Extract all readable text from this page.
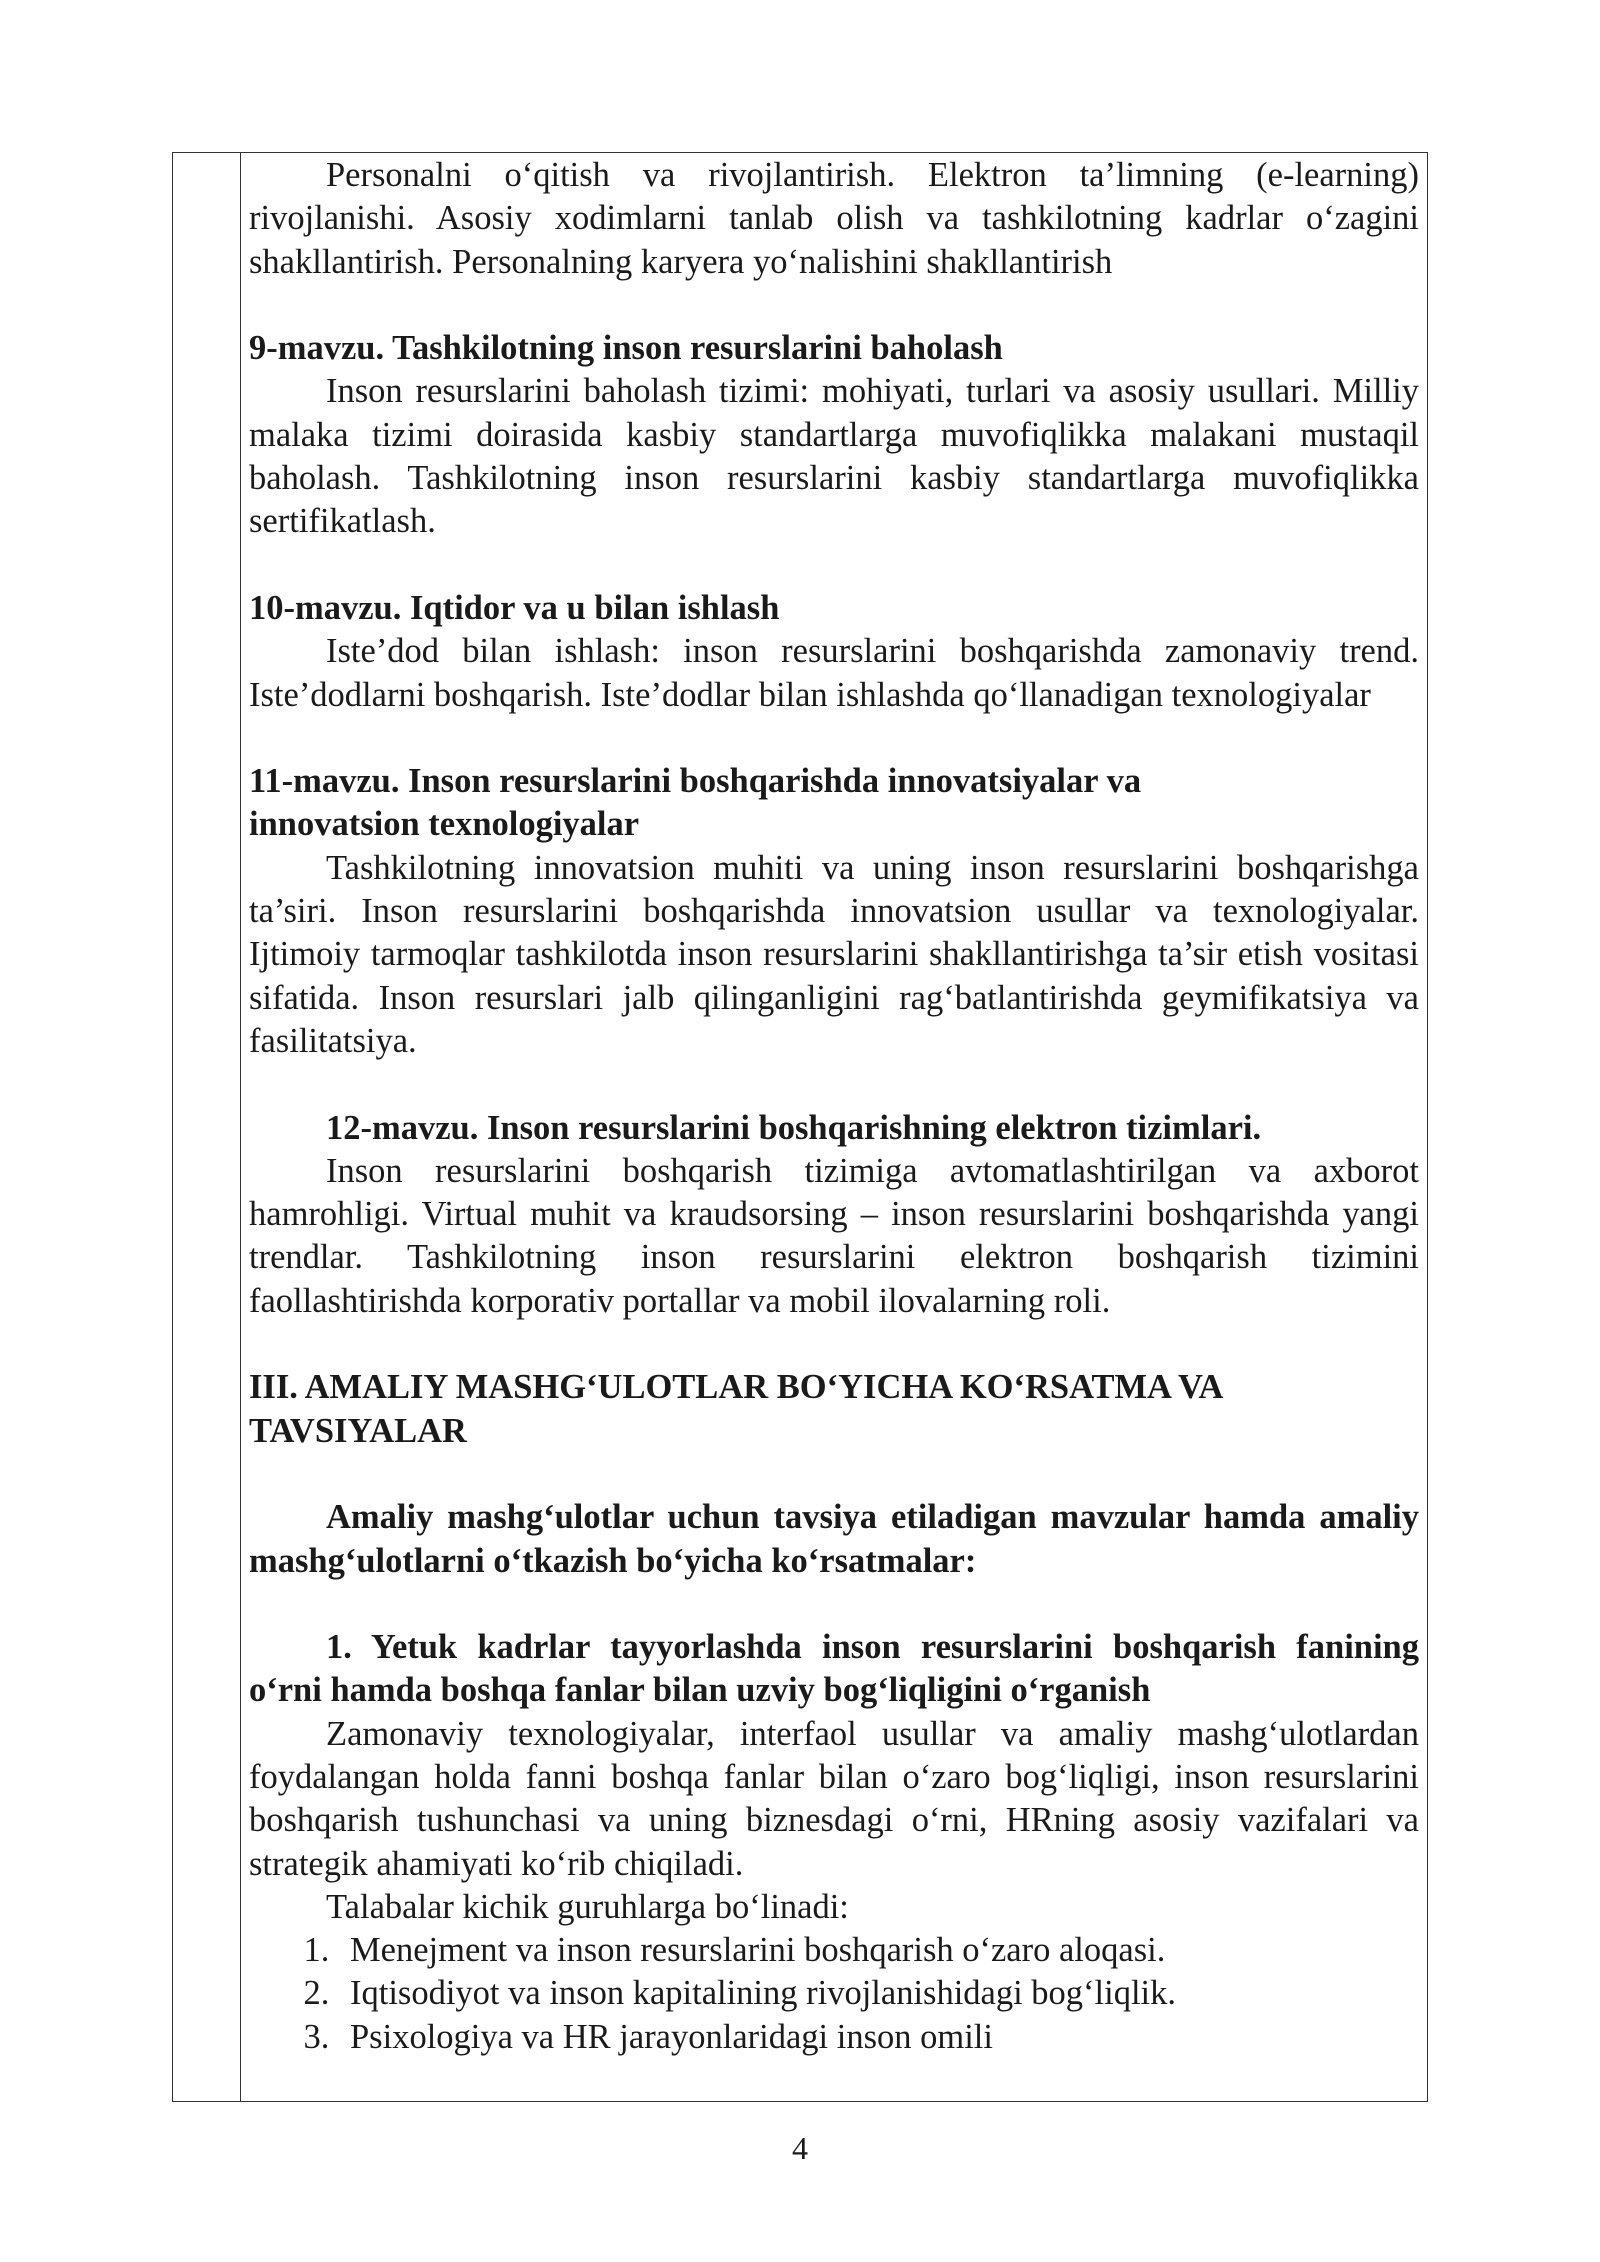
Personalni o‘qitish va rivojlantirish. Elektron ta’limning (e-learning) rivojlanishi. Asosiy xodimlarni tanlab olish va tashkilotning kadrlar o‘zagini shakllantirish. Personalning karyera yo‘nalishini shakllantirish

9-mavzu. Tashkilotning inson resurslarini baholash

Inson resurslarini baholash tizimi: mohiyati, turlari va asosiy usullari. Milliy malaka tizimi doirasida kasbiy standartlarga muvofiqlikka malakani mustaqil baholash. Tashkilotning inson resurslarini kasbiy standartlarga muvofiqlikka sertifikatlash.

10-mavzu. Iqtidor va u bilan ishlash

Iste’dod bilan ishlash: inson resurslarini boshqarishda zamonaviy trend. Iste’dodlarni boshqarish. Iste’dodlar bilan ishlashda qo‘llanadigan texnologiyalar

11-mavzu. Inson resurslarini boshqarishda innovatsiyalar va

innovatsion texnologiyalar

Tashkilotning innovatsion muhiti va uning inson resurslarini boshqarishga ta’siri. Inson resurslarini boshqarishda innovatsion usullar va texnologiyalar. Ijtimoiy tarmoqlar tashkilotda inson resurslarini shakllantirishga ta’sir etish vositasi sifatida. Inson resurslari jalb qilinganligini rag‘batlantirishda geymifikatsiya va fasilitatsiya.

12-mavzu. Inson resurslarini boshqarishning elektron tizimlari.

Inson resurslarini boshqarish tizimiga avtomatlashtirilgan va axborot hamrohligi. Virtual muhit va kraudsorsing – inson resurslarini boshqarishda yangi trendlar. Tashkilotning inson resurslarini elektron boshqarish tizimini faollashtirishda korporativ portallar va mobil ilovalarning roli.

III. AMALIY MASHG‘ULOTLAR BO‘YICHA KO‘RSATMA VA

TAVSIYALAR

Amaliy mashg‘ulotlar uchun tavsiya etiladigan mavzular hamda amaliy mashg‘ulotlarni o‘tkazish bo‘yicha ko‘rsatmalar:

1. Yetuk kadrlar tayyorlashda inson resurslarini boshqarish fanining o‘rni hamda boshqa fanlar bilan uzviy bog‘liqligini o‘rganish

Zamonaviy texnologiyalar, interfaol usullar va amaliy mashg‘ulotlardan foydalangan holda fanni boshqa fanlar bilan o‘zaro bog‘liqligi, inson resurslarini boshqarish tushunchasi va uning biznesdagi o‘rni, HRning asosiy vazifalari va strategik ahamiyati ko‘rib chiqiladi.

Talabalar kichik guruhlarga bo‘linadi:

1. Menejment va inson resurslarini boshqarish o‘zaro aloqasi.
2. Iqtisodiyot va inson kapitalining rivojlanishidagi bog‘liqlik.
3. Psixologiya va HR jarayonlaridagi inson omili
4
